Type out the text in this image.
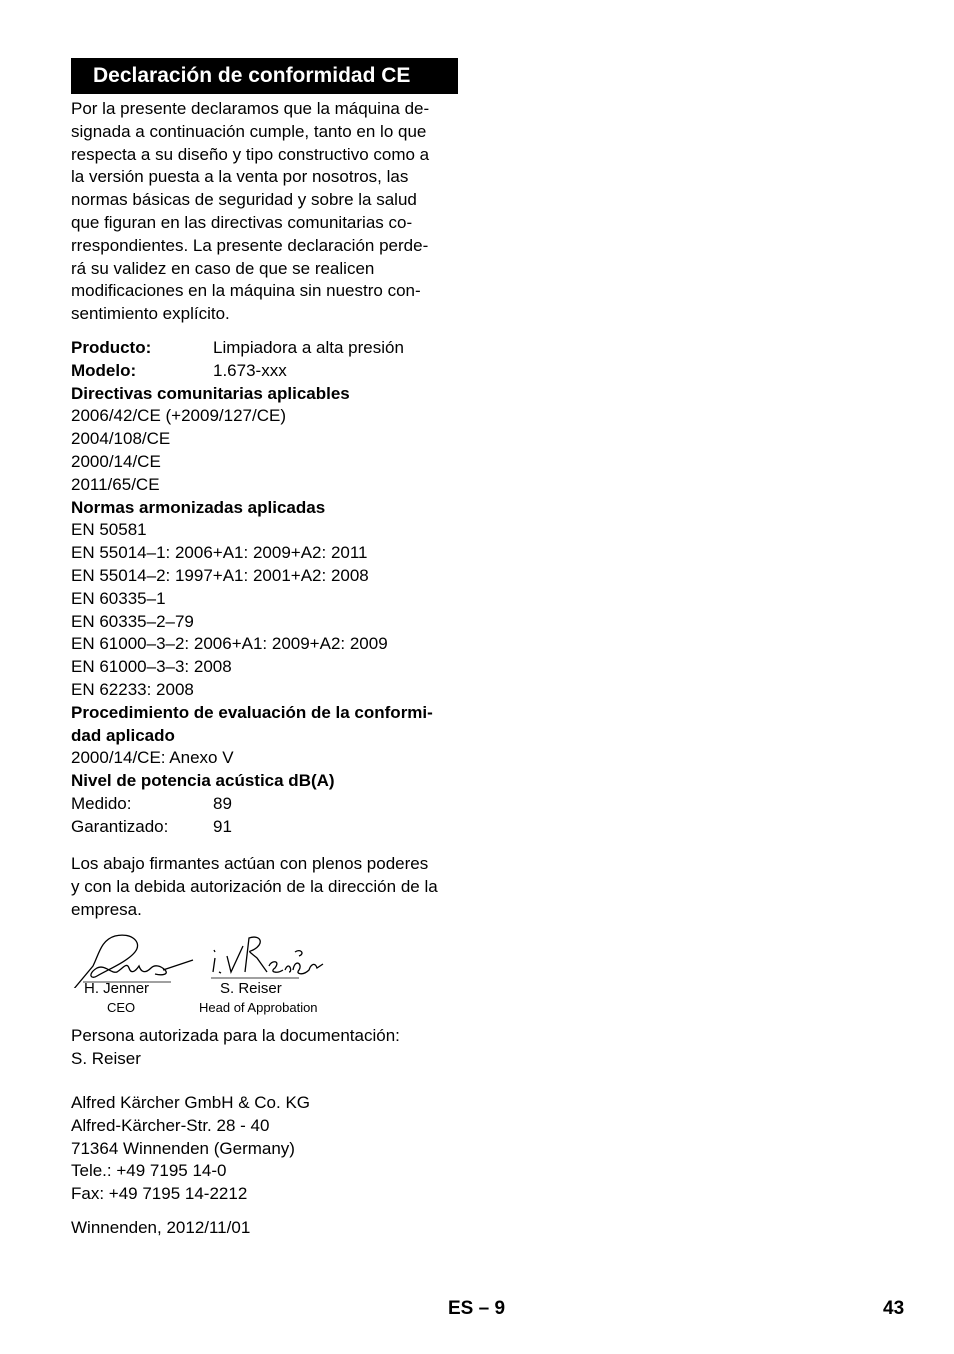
Declaración de conformidad CE

Por la presente declaramos que la máquina de-

signada a continuación cumple, tanto en lo que

respecta a su diseño y tipo constructivo como a

la versión puesta a la venta por nosotros, las

normas básicas de seguridad y sobre la salud

que figuran en las directivas comunitarias co-

rrespondientes. La presente declaración perde-

rá su validez en caso de que se realicen

modificaciones en la máquina sin nuestro con-

sentimiento explícito.

Producto:	Limpiadora a alta presión
Modelo:	1.673-xxx
Directivas comunitarias aplicables
2006/42/CE (+2009/127/CE)
2004/108/CE
2000/14/CE
2011/65/CE
Normas armonizadas aplicadas
EN 50581
EN 55014–1: 2006+A1: 2009+A2: 2011
EN 55014–2: 1997+A1: 2001+A2: 2008
EN 60335–1
EN 60335–2–79
EN 61000–3–2: 2006+A1: 2009+A2: 2009
EN 61000–3–3: 2008
EN 62233: 2008
Procedimiento de evaluación de la conformi-
dad aplicado
2000/14/CE: Anexo V
Nivel de potencia acústica dB(A)
Medido:	89
Garantizado:	91
Los abajo firmantes actúan con plenos poderes
y con la debida autorización de la dirección de la
empresa.
H. Jenner
CEO
S. Reiser
Head of Approbation
Persona autorizada para la documentación:
S. Reiser
Alfred Kärcher GmbH & Co. KG
Alfred-Kärcher-Str. 28 - 40
71364 Winnenden (Germany)
Tele.: +49 7195 14-0
Fax: +49 7195 14-2212
Winnenden, 2012/11/01
ES – 9	43
